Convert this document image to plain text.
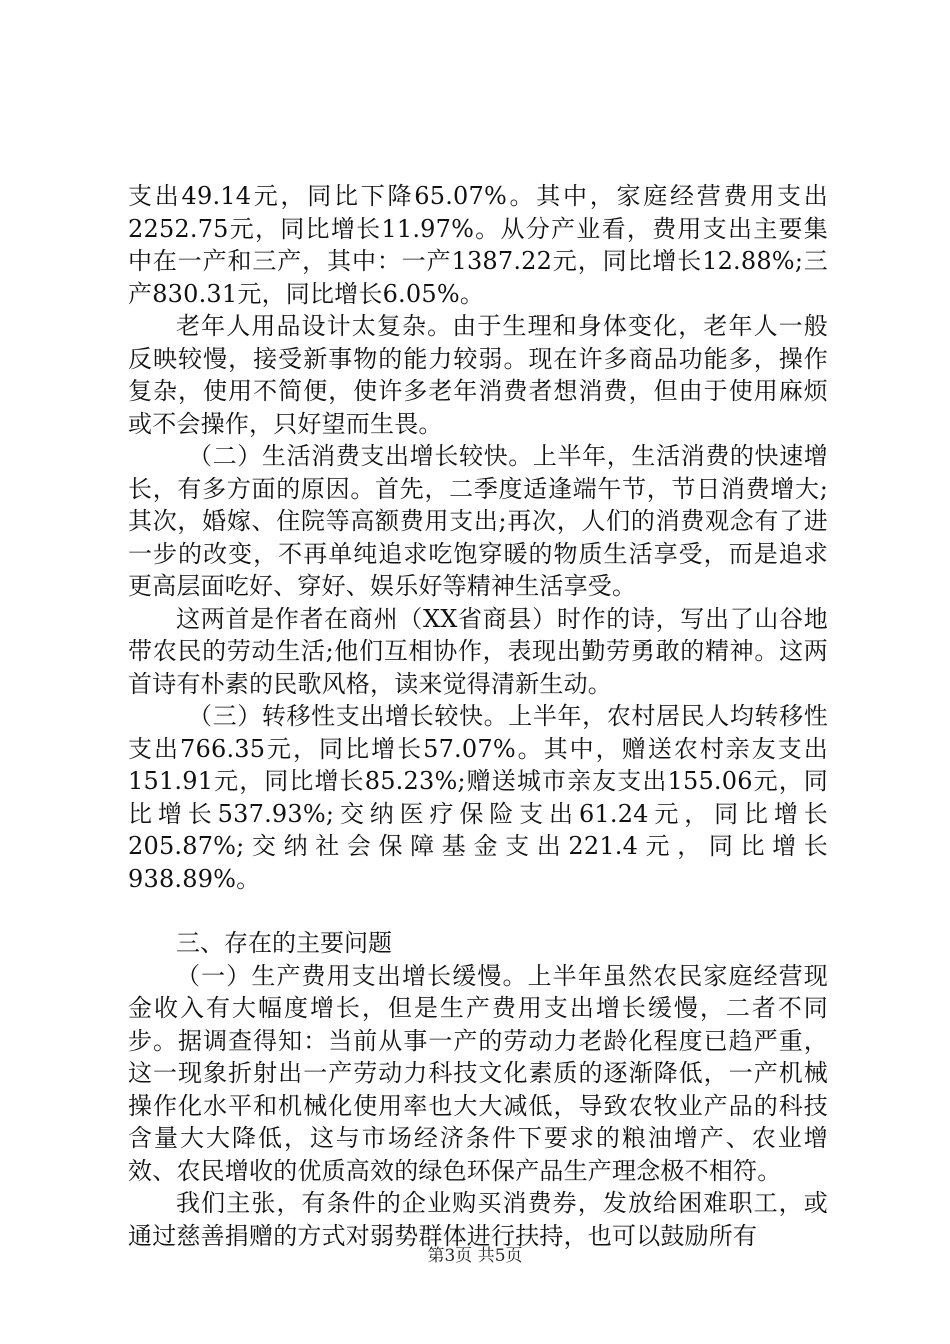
支出49.14元，同比下降65.07%。其中，家庭经营费用支出2252.75元，同比增长11.97%。从分产业看，费用支出主要集中在一产和三产，其中：一产1387.22元，同比增长12.88%;三产830.31元，同比增长6.05%。

老年人用品设计太复杂。由于生理和身体变化，老年人一般反映较慢，接受新事物的能力较弱。现在许多商品功能多，操作复杂，使用不简便，使许多老年消费者想消费，但由于使用麻烦或不会操作，只好望而生畏。

（二）生活消费支出增长较快。上半年，生活消费的快速增长，有多方面的原因。首先，二季度适逢端午节，节日消费增大;其次，婚嫁、住院等高额费用支出;再次，人们的消费观念有了进一步的改变，不再单纯追求吃饱穿暖的物质生活享受，而是追求更高层面吃好、穿好、娱乐好等精神生活享受。

这两首是作者在商州（XX省商县）时作的诗，写出了山谷地带农民的劳动生活;他们互相协作，表现出勤劳勇敢的精神。这两首诗有朴素的民歌风格，读来觉得清新生动。

（三）转移性支出增长较快。上半年，农村居民人均转移性支出766.35元，同比增长57.07%。其中，赠送农村亲友支出151.91元，同比增长85.23%;赠送城市亲友支出155.06元，同比增长537.93%;交纳医疗保险支出61.24元，同比增长205.87%;交纳社会保障基金支出221.4元，同比增长938.89%。

三、存在的主要问题

（一）生产费用支出增长缓慢。上半年虽然农民家庭经营现金收入有大幅度增长，但是生产费用支出增长缓慢，二者不同步。据调查得知：当前从事一产的劳动力老龄化程度已趋严重，这一现象折射出一产劳动力科技文化素质的逐渐降低，一产机械操作化水平和机械化使用率也大大减低，导致农牧业产品的科技含量大大降低，这与市场经济条件下要求的粮油增产、农业增效、农民增收的优质高效的绿色环保产品生产理念极不相符。

我们主张，有条件的企业购买消费券，发放给困难职工，或通过慈善捐赠的方式对弱势群体进行扶持，也可以鼓励所有

第3页 共5页
